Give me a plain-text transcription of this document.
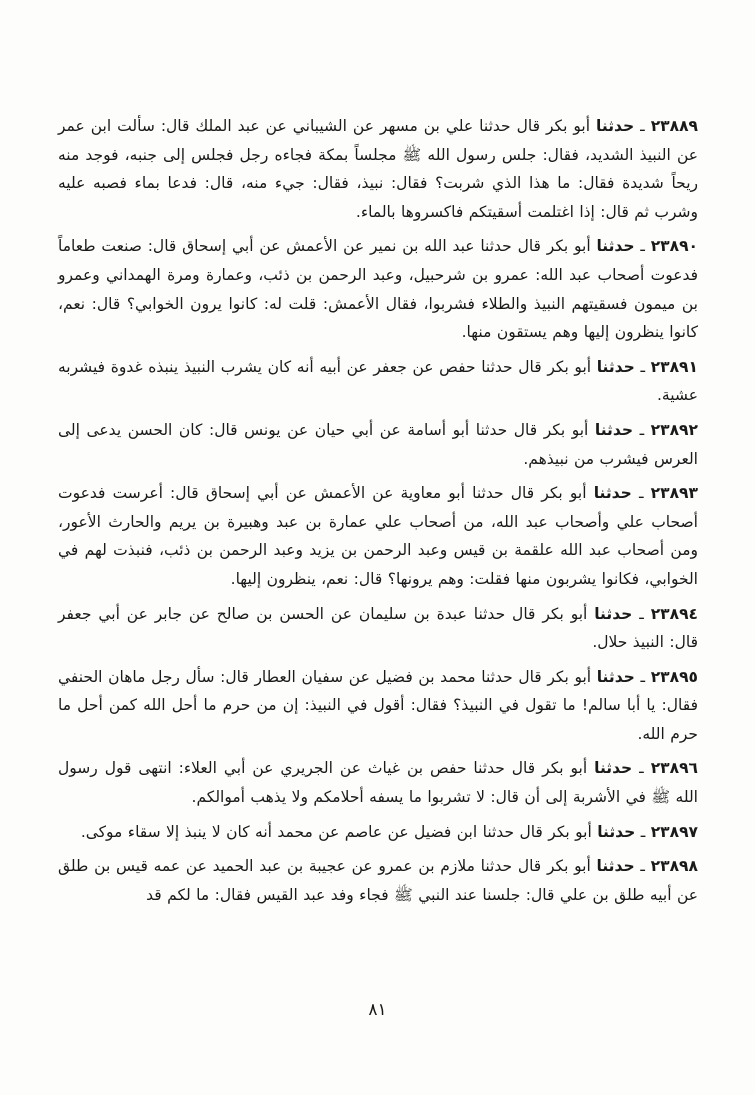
٢٣٨٨٩ ـ حدثنا أبو بكر قال حدثنا علي بن مسهر عن الشيباني عن عبد الملك قال: سألت ابن عمر عن النبيذ الشديد، فقال: جلس رسول الله ﷺ مجلساً بمكة فجاءه رجل فجلس إلى جنبه، فوجد منه ريحاً شديدة فقال: ما هذا الذي شربت؟ فقال: نبيذ، فقال: جيء منه، قال: فدعا بماء فصبه عليه وشرب ثم قال: إذا اغتلمت أسقيتكم فاكسروها بالماء.

٢٣٨٩٠ ـ حدثنا أبو بكر قال حدثنا عبد الله بن نمير عن الأعمش عن أبي إسحاق قال: صنعت طعاماً فدعوت أصحاب عبد الله: عمرو بن شرحبيل، وعبد الرحمن بن ذئب، وعمارة ومرة الهمداني وعمرو بن ميمون فسقيتهم النبيذ والطلاء فشربوا، فقال الأعمش: قلت له: كانوا يرون الخوابي؟ قال: نعم، كانوا ينظرون إليها وهم يستقون منها.

٢٣٨٩١ ـ حدثنا أبو بكر قال حدثنا حفص عن جعفر عن أبيه أنه كان يشرب النبيذ ينبذه غدوة فيشربه عشية.

٢٣٨٩٢ ـ حدثنا أبو بكر قال حدثنا أبو أسامة عن أبي حيان عن يونس قال: كان الحسن يدعى إلى العرس فيشرب من نبيذهم.

٢٣٨٩٣ ـ حدثنا أبو بكر قال حدثنا أبو معاوية عن الأعمش عن أبي إسحاق قال: أعرست فدعوت أصحاب علي وأصحاب عبد الله، من أصحاب علي عمارة بن عبد وهبيرة بن يريم والحارث الأعور، ومن أصحاب عبد الله علقمة بن قيس وعبد الرحمن بن يزيد وعبد الرحمن بن ذئب، فنبذت لهم في الخوابي، فكانوا يشربون منها فقلت: وهم يرونها؟ قال: نعم، ينظرون إليها.

٢٣٨٩٤ ـ حدثنا أبو بكر قال حدثنا عبدة بن سليمان عن الحسن بن صالح عن جابر عن أبي جعفر قال: النبيذ حلال.

٢٣٨٩٥ ـ حدثنا أبو بكر قال حدثنا محمد بن فضيل عن سفيان العطار قال: سأل رجل ماهان الحنفي فقال: يا أبا سالم! ما تقول في النبيذ؟ فقال: أقول في النبيذ: إن من حرم ما أحل الله كمن أحل ما حرم الله.

٢٣٨٩٦ ـ حدثنا أبو بكر قال حدثنا حفص بن غياث عن الجريري عن أبي العلاء: انتهى قول رسول الله ﷺ في الأشربة إلى أن قال: لا تشربوا ما يسفه أحلامكم ولا يذهب أموالكم.

٢٣٨٩٧ ـ حدثنا أبو بكر قال حدثنا ابن فضيل عن عاصم عن محمد أنه كان لا ينبذ إلا سقاء موكى.

٢٣٨٩٨ ـ حدثنا أبو بكر قال حدثنا ملازم بن عمرو عن عجيبة بن عبد الحميد عن عمه قيس بن طلق عن أبيه طلق بن علي قال: جلسنا عند النبي ﷺ فجاء وفد عبد القيس فقال: ما لكم قد

٨١
